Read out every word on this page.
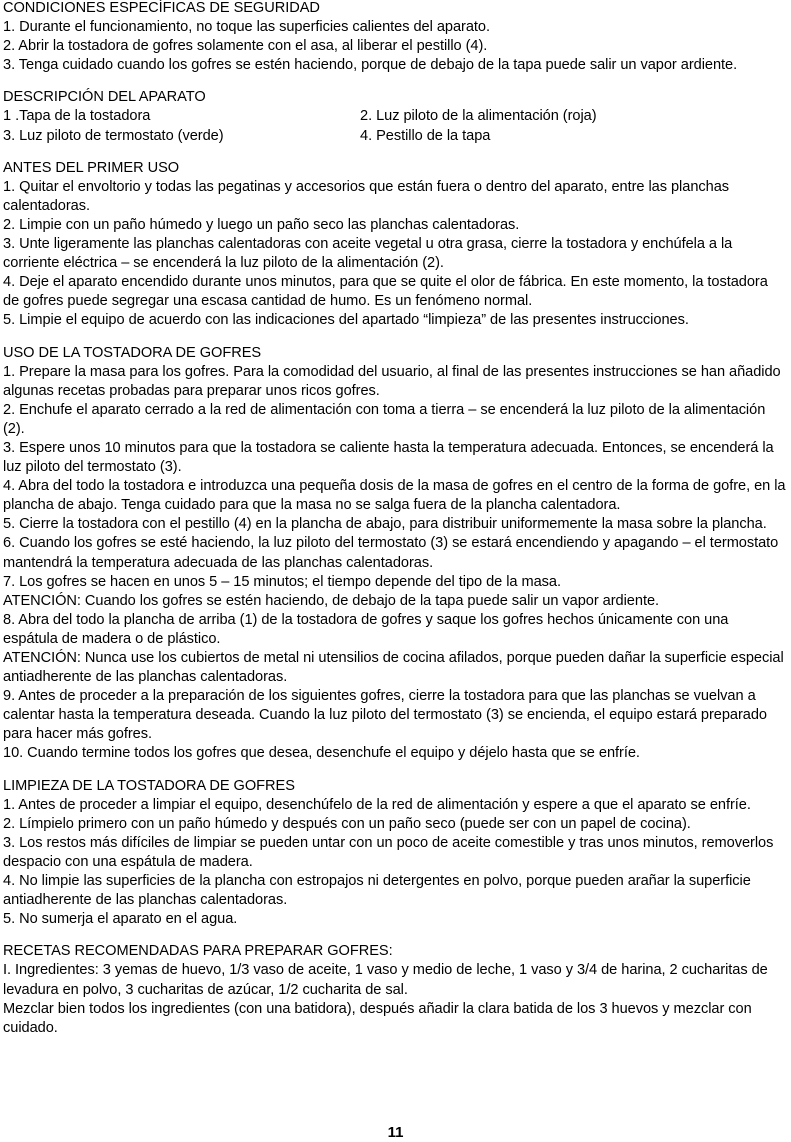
CONDICIONES ESPECÍFICAS DE SEGURIDAD

1. Durante el funcionamiento, no toque las superficies calientes del aparato.

2. Abrir la tostadora de gofres solamente con el asa, al liberar el pestillo (4).

3. Tenga cuidado cuando los gofres se estén haciendo, porque de debajo de la tapa puede salir un vapor ardiente.

DESCRIPCIÓN DEL APARATO

1 .Tapa de la tostadora	2. Luz piloto de la alimentación (roja)
3. Luz piloto de termostato (verde)	4. Pestillo de la tapa

ANTES DEL PRIMER USO

1. Quitar el envoltorio y todas las pegatinas y accesorios que están fuera o dentro del aparato, entre las planchas calentadoras.

2. Limpie con un paño húmedo y luego un paño seco las planchas calentadoras.

3. Unte ligeramente las planchas calentadoras con aceite vegetal u otra grasa, cierre la tostadora y enchúfela a la corriente eléctrica – se encenderá la luz piloto de la alimentación (2).

4. Deje el aparato encendido durante unos minutos, para que se quite el olor de fábrica. En este momento, la tostadora de gofres puede segregar una escasa cantidad de humo. Es un fenómeno normal.

5. Limpie el equipo de acuerdo con las indicaciones del apartado “limpieza” de las presentes instrucciones.

USO DE LA TOSTADORA DE GOFRES

1. Prepare la masa para los gofres. Para la comodidad del usuario, al final de las presentes instrucciones se han añadido algunas recetas probadas para preparar unos ricos gofres.

2. Enchufe el aparato cerrado a la red de alimentación con toma a tierra – se encenderá la luz piloto de la alimentación (2).

3. Espere unos 10 minutos para que la tostadora se caliente hasta la temperatura adecuada. Entonces, se encenderá la luz piloto del termostato (3).

4. Abra del todo la tostadora e introduzca una pequeña dosis de la masa de gofres en el centro de la forma de gofre, en la plancha de abajo. Tenga cuidado para que la masa no se salga fuera de la plancha calentadora.

5. Cierre la tostadora con el pestillo (4) en la plancha de abajo, para distribuir uniformemente la masa sobre la plancha.

6. Cuando los gofres se esté haciendo, la luz piloto del termostato (3) se estará encendiendo y apagando – el termostato mantendrá la temperatura adecuada de las planchas calentadoras.

7. Los gofres se hacen en unos 5 – 15 minutos; el tiempo depende del tipo de la masa.

ATENCIÓN: Cuando los gofres se estén haciendo, de debajo de la tapa puede salir un vapor ardiente.

8. Abra del todo la plancha de arriba (1) de la tostadora de gofres y saque los gofres hechos únicamente con una espátula de madera o de plástico.

ATENCIÓN: Nunca use los cubiertos de metal ni utensilios de cocina afilados, porque pueden dañar la superficie especial antiadherente de las planchas calentadoras.

9. Antes de proceder a la preparación de los siguientes gofres, cierre la tostadora para que las planchas se vuelvan a calentar hasta la temperatura deseada. Cuando la luz piloto del termostato (3) se encienda, el equipo estará preparado para hacer más gofres.

10. Cuando termine todos los gofres que desea, desenchufe el equipo y déjelo hasta que se enfríe.

LIMPIEZA DE LA TOSTADORA DE GOFRES

1. Antes de proceder a limpiar el equipo, desenchúfelo de la red de alimentación y espere a que el aparato se enfríe.

2. Límpielo primero con un paño húmedo y después con un paño seco (puede ser con un papel de cocina).

3. Los restos más difíciles de limpiar se pueden untar con un poco de aceite comestible y tras unos minutos, removerlos despacio con una espátula de madera.

4. No limpie las superficies de la plancha con estropajos ni detergentes en polvo, porque pueden arañar la superficie antiadherente de las planchas calentadoras.

5. No sumerja el aparato en el agua.

RECETAS RECOMENDADAS PARA PREPARAR GOFRES:

I. Ingredientes: 3 yemas de huevo, 1/3 vaso de aceite, 1 vaso y medio de leche, 1 vaso y 3/4 de harina, 2 cucharitas de levadura en polvo, 3 cucharitas de azúcar, 1/2 cucharita de sal.

Mezclar bien todos los ingredientes (con una batidora), después añadir la clara batida de los 3 huevos y mezclar con cuidado.

11
